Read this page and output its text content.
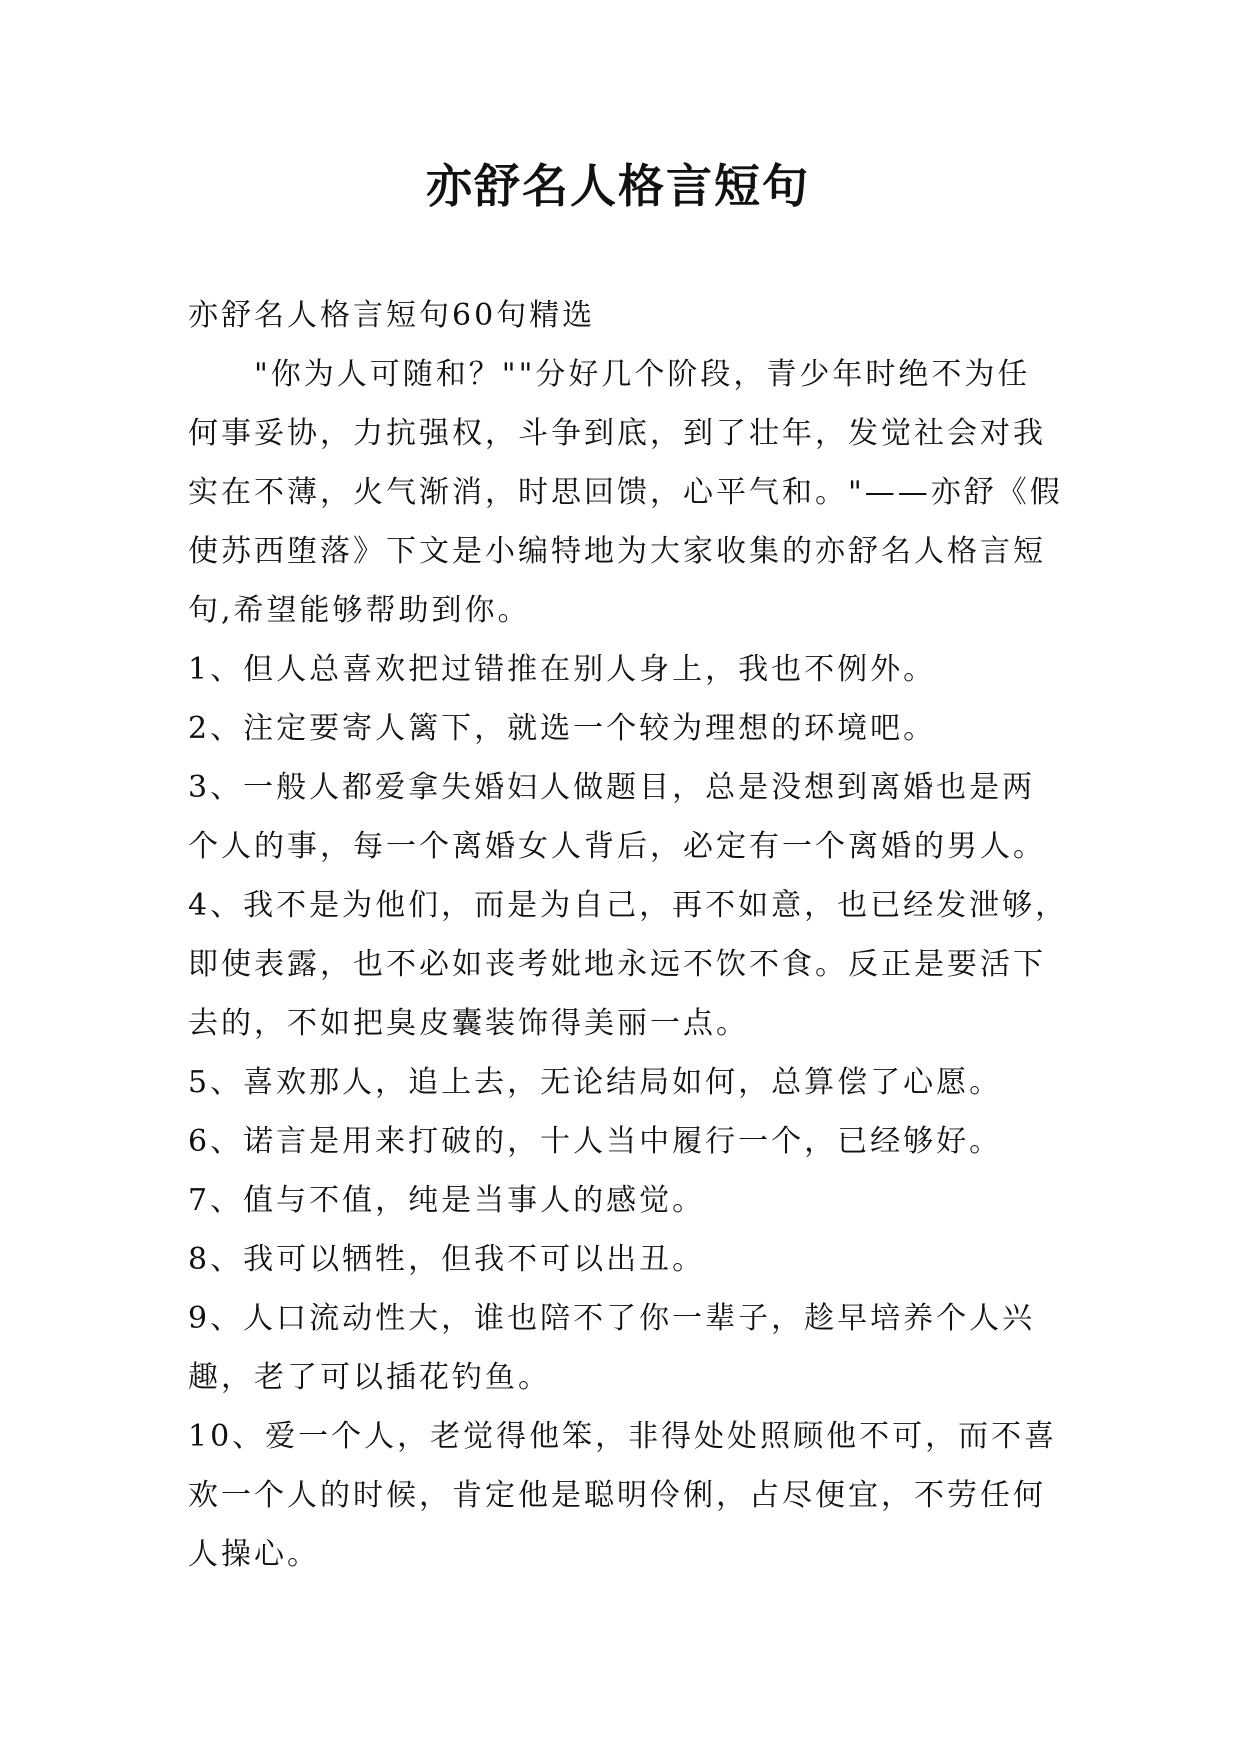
亦舒名人格言短句
亦舒名人格言短句60句精选
　　"你为人可随和？""分好几个阶段，青少年时绝不为任
何事妥协，力抗强权，斗争到底，到了壮年，发觉社会对我
实在不薄，火气渐消，时思回馈，心平气和。"——亦舒《假
使苏西堕落》下文是小编特地为大家收集的亦舒名人格言短
句,希望能够帮助到你。
1、但人总喜欢把过错推在别人身上，我也不例外。
2、注定要寄人篱下，就选一个较为理想的环境吧。
3、一般人都爱拿失婚妇人做题目，总是没想到离婚也是两
个人的事，每一个离婚女人背后，必定有一个离婚的男人。
4、我不是为他们，而是为自己，再不如意，也已经发泄够，
即使表露，也不必如丧考妣地永远不饮不食。反正是要活下
去的，不如把臭皮囊装饰得美丽一点。
5、喜欢那人，追上去，无论结局如何，总算偿了心愿。
6、诺言是用来打破的，十人当中履行一个，已经够好。
7、值与不值，纯是当事人的感觉。
8、我可以牺牲，但我不可以出丑。
9、人口流动性大，谁也陪不了你一辈子，趁早培养个人兴
趣，老了可以插花钓鱼。
10、爱一个人，老觉得他笨，非得处处照顾他不可，而不喜
欢一个人的时候，肯定他是聪明伶俐，占尽便宜，不劳任何
人操心。
